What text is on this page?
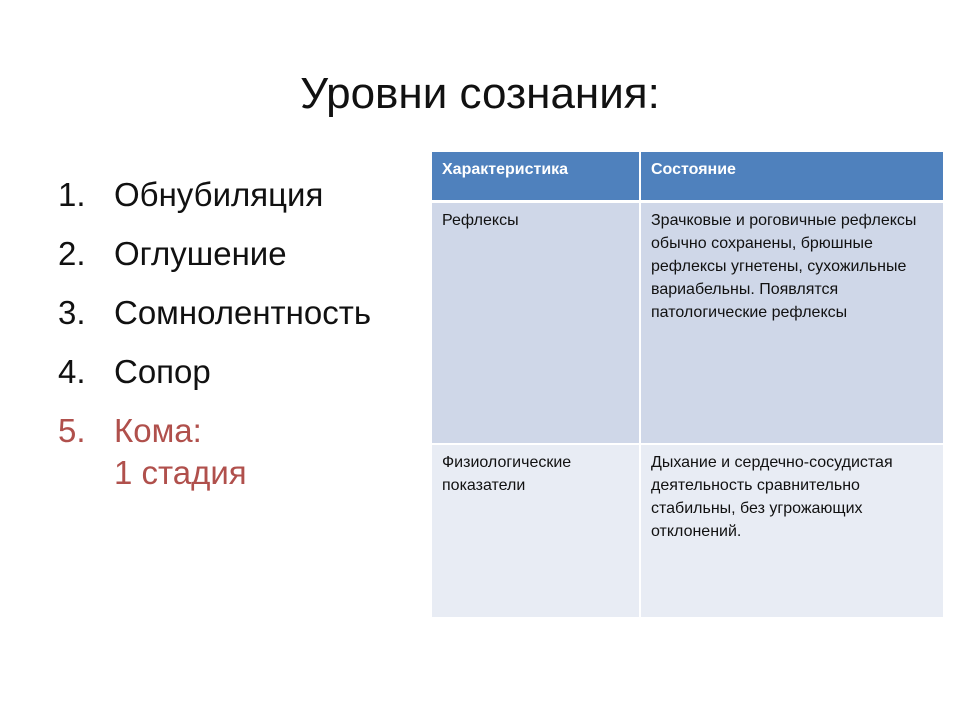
Уровни сознания:
1. Обнубиляция
2. Оглушение
3. Сомнолентность
4. Сопор
5. Кома:
1 стадия
Характеристика	Состояние
Рефлексы	Зрачковые и роговичные рефлексы обычно сохранены, брюшные рефлексы угнетены, сухожильные вариабельны. Появлятся патологические рефлексы
Физиологические показатели	Дыхание и сердечно-сосудистая деятельность сравнительно стабильны, без угрожающих отклонений.
